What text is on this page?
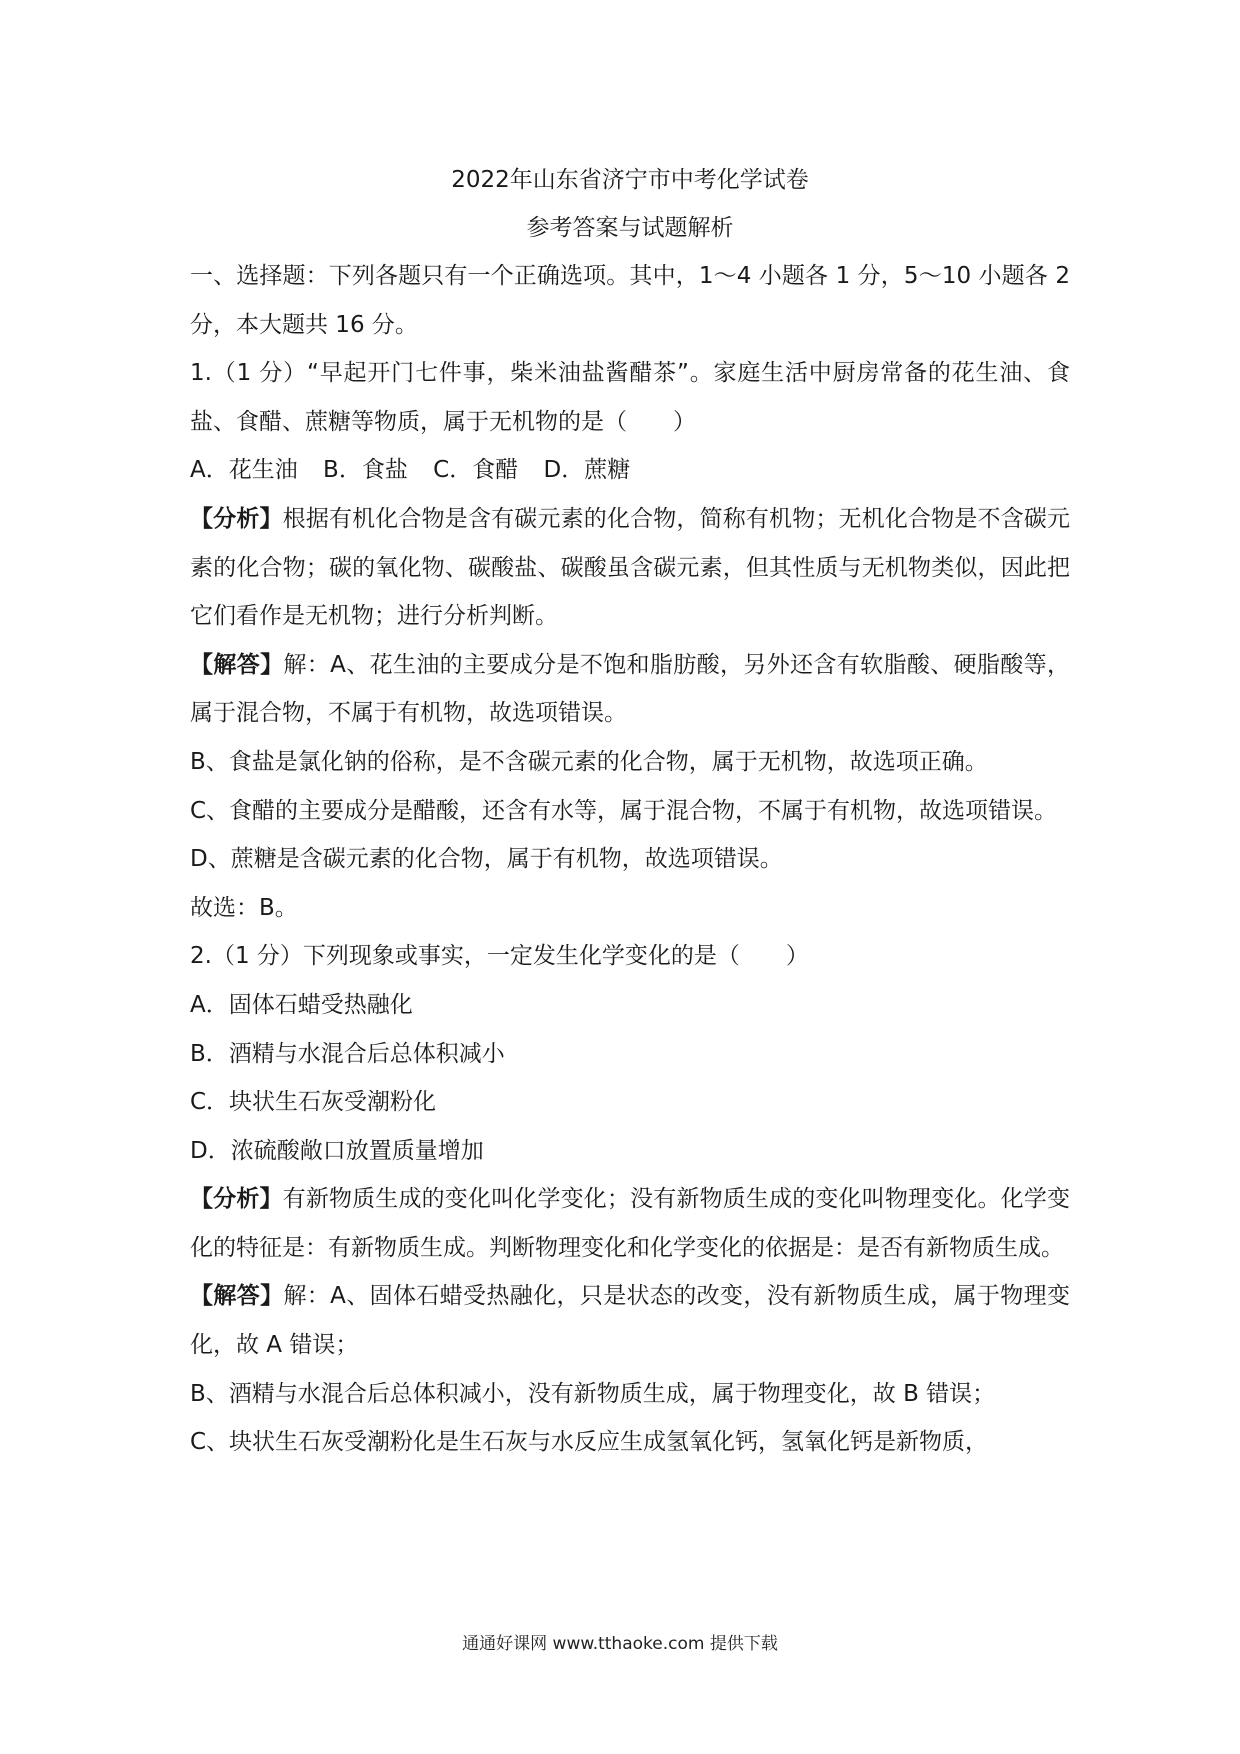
2022年山东省济宁市中考化学试卷

参考答案与试题解析

一、选择题：下列各题只有一个正确选项。其中，1～4 小题各 1 分，5～10 小题各 2 分，本大题共 16 分。

1.（1 分）“早起开门七件事，柴米油盐酱醋茶”。家庭生活中厨房常备的花生油、食盐、食醋、蔗糖等物质，属于无机物的是（　　）

A．花生油 B．食盐 C．食醋 D．蔗糖

【分析】根据有机化合物是含有碳元素的化合物，简称有机物；无机化合物是不含碳元素的化合物；碳的氧化物、碳酸盐、碳酸虽含碳元素，但其性质与无机物类似，因此把它们看作是无机物；进行分析判断。

【解答】解：A、花生油的主要成分是不饱和脂肪酸，另外还含有软脂酸、硬脂酸等，属于混合物，不属于有机物，故选项错误。

B、食盐是氯化钠的俗称，是不含碳元素的化合物，属于无机物，故选项正确。

C、食醋的主要成分是醋酸，还含有水等，属于混合物，不属于有机物，故选项错误。

D、蔗糖是含碳元素的化合物，属于有机物，故选项错误。

故选：B。

2.（1 分）下列现象或事实，一定发生化学变化的是（　　）

A．固体石蜡受热融化

B．酒精与水混合后总体积减小

C．块状生石灰受潮粉化

D．浓硫酸敞口放置质量增加

【分析】有新物质生成的变化叫化学变化；没有新物质生成的变化叫物理变化。化学变化的特征是：有新物质生成。判断物理变化和化学变化的依据是：是否有新物质生成。

【解答】解：A、固体石蜡受热融化，只是状态的改变，没有新物质生成，属于物理变化，故 A 错误；

B、酒精与水混合后总体积减小，没有新物质生成，属于物理变化，故 B 错误；

C、块状生石灰受潮粉化是生石灰与水反应生成氢氧化钙，氢氧化钙是新物质，

通通好课网 www.tthaoke.com 提供下载
